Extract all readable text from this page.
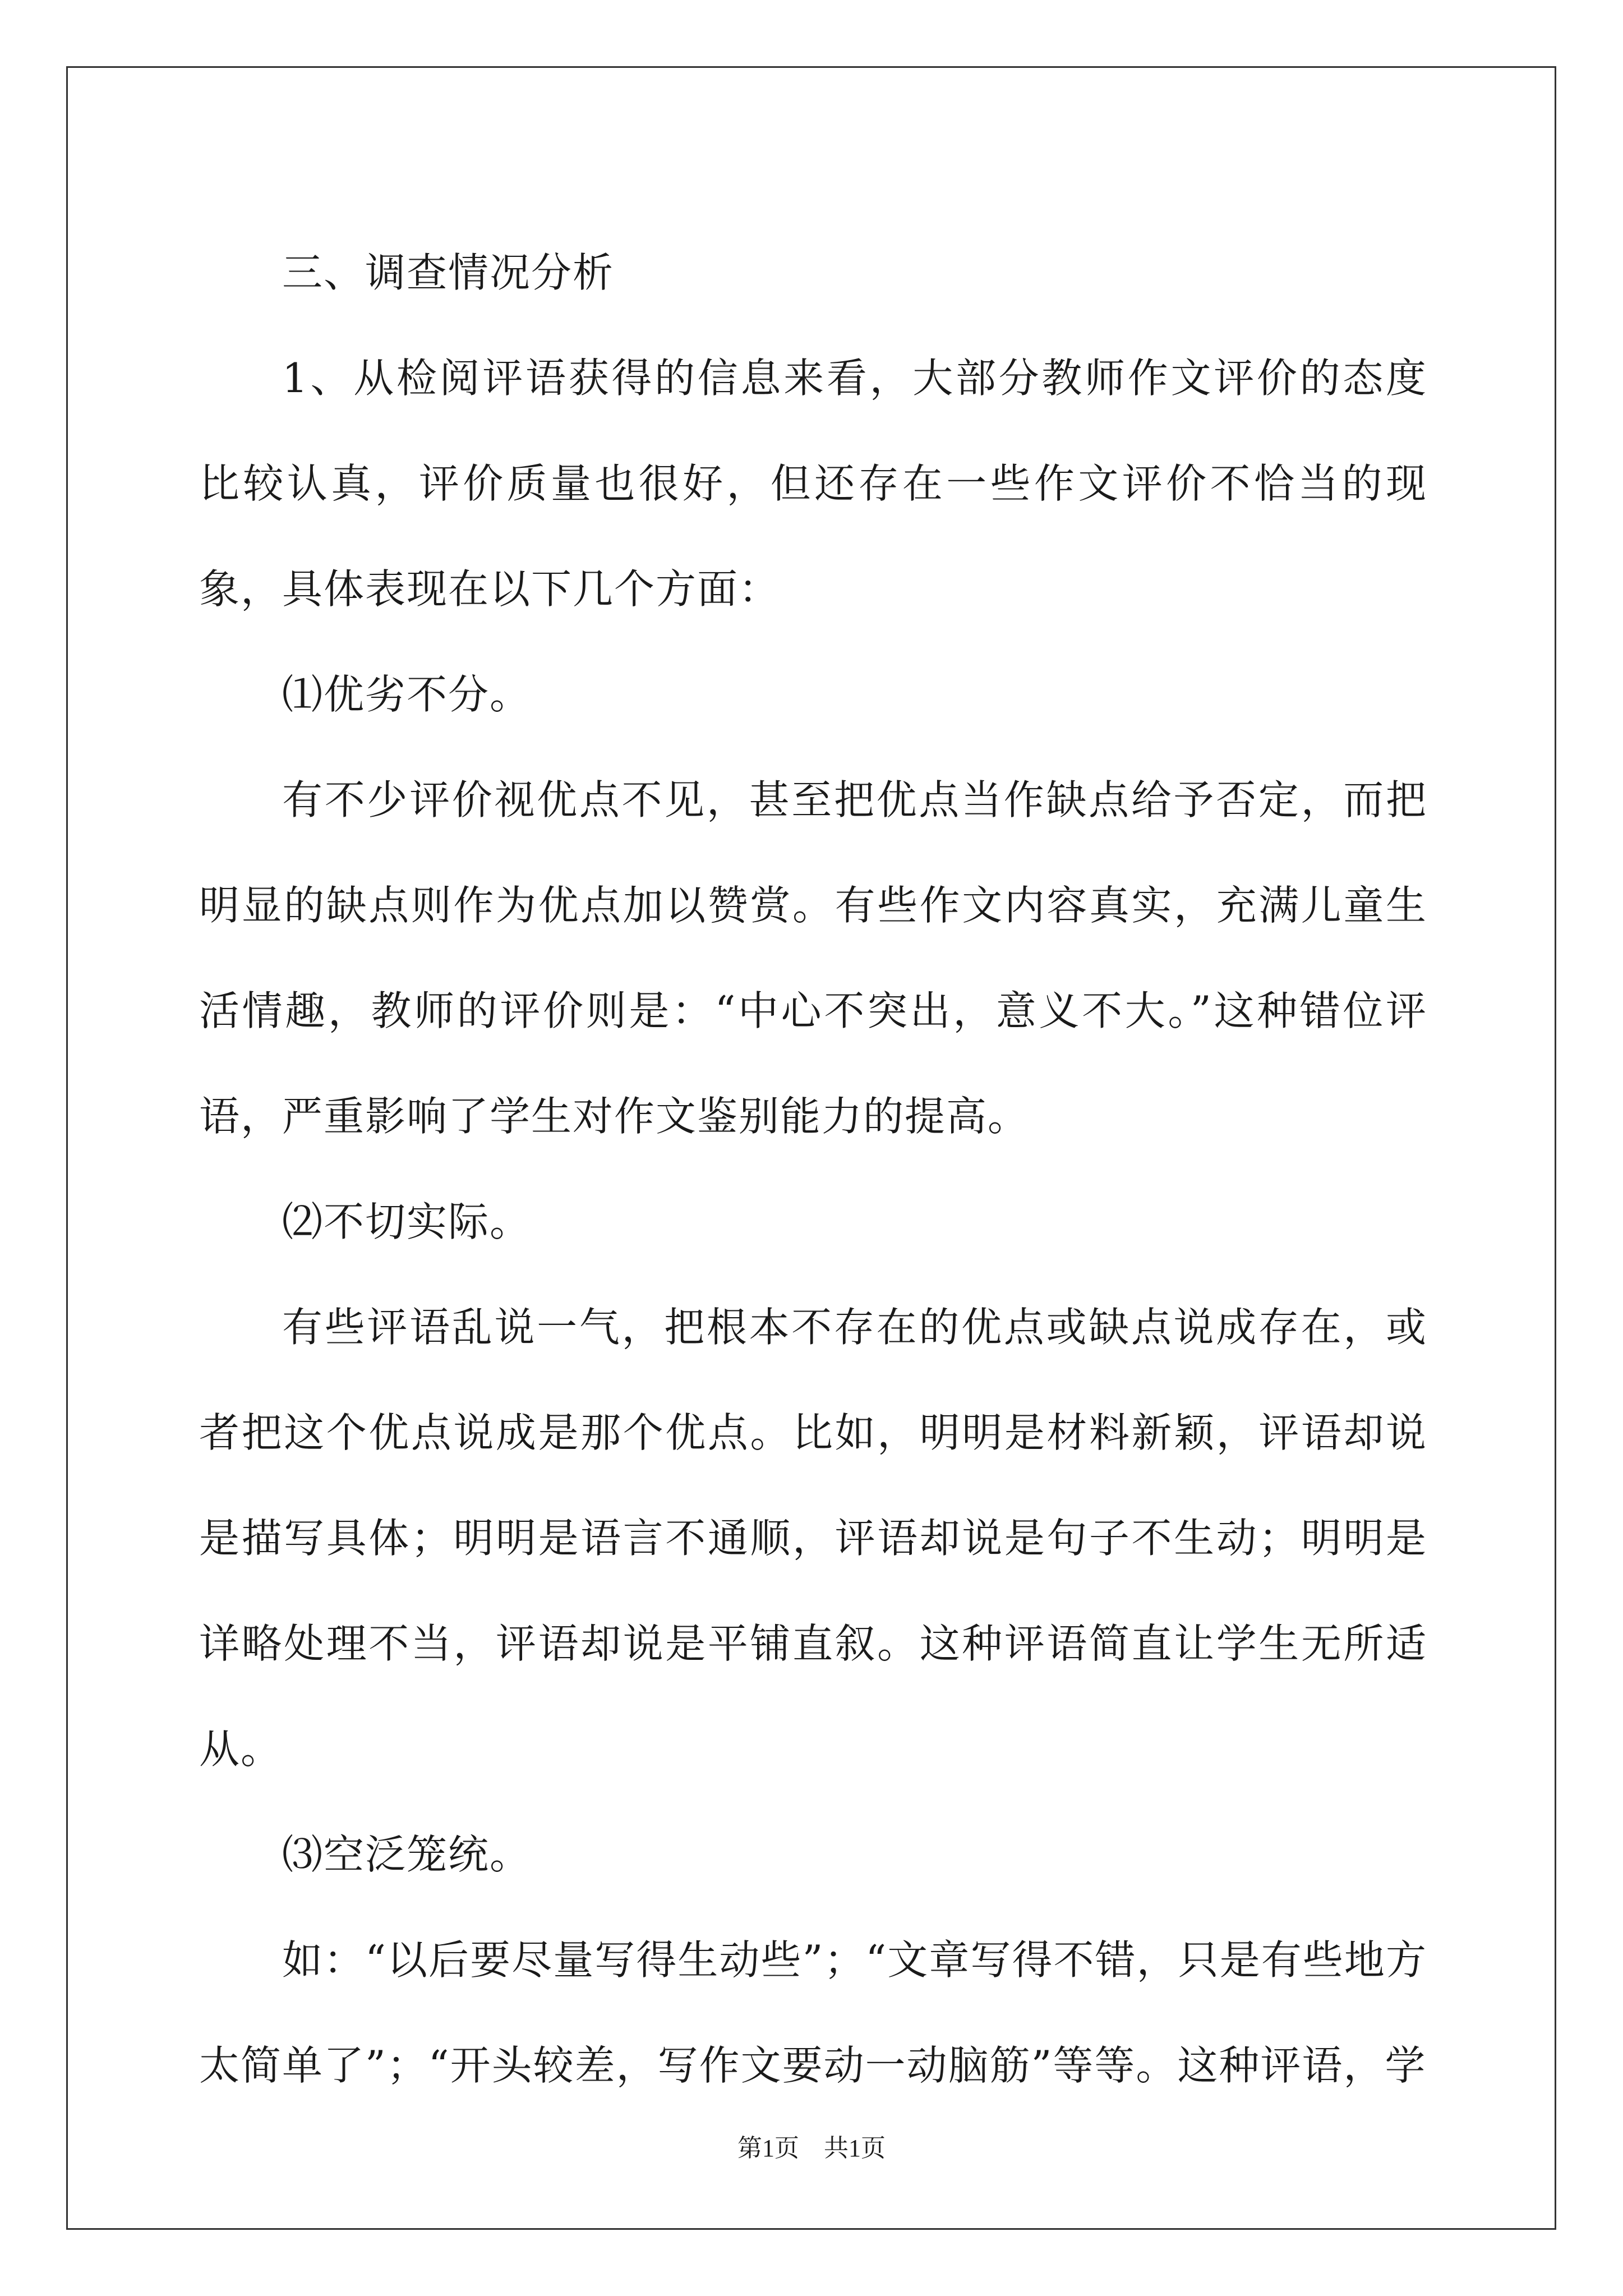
三、调查情况分析

1、从检阅评语获得的信息来看，大部分教师作文评价的态度比较认真，评价质量也很好，但还存在一些作文评价不恰当的现象，具体表现在以下几个方面：

⑴优劣不分。

有不少评价视优点不见，甚至把优点当作缺点给予否定，而把明显的缺点则作为优点加以赞赏。有些作文内容真实，充满儿童生活情趣，教师的评价则是：“中心不突出，意义不大。”这种错位评语，严重影响了学生对作文鉴别能力的提高。

⑵不切实际。

有些评语乱说一气，把根本不存在的优点或缺点说成存在，或者把这个优点说成是那个优点。比如，明明是材料新颖，评语却说是描写具体；明明是语言不通顺，评语却说是句子不生动；明明是详略处理不当，评语却说是平铺直叙。这种评语简直让学生无所适从。

⑶空泛笼统。

如：“以后要尽量写得生动些”；“文章写得不错，只是有些地方太简单了”；“开头较差，写作文要动一动脑筋”等等。这种评语，学

第1页　共1页
